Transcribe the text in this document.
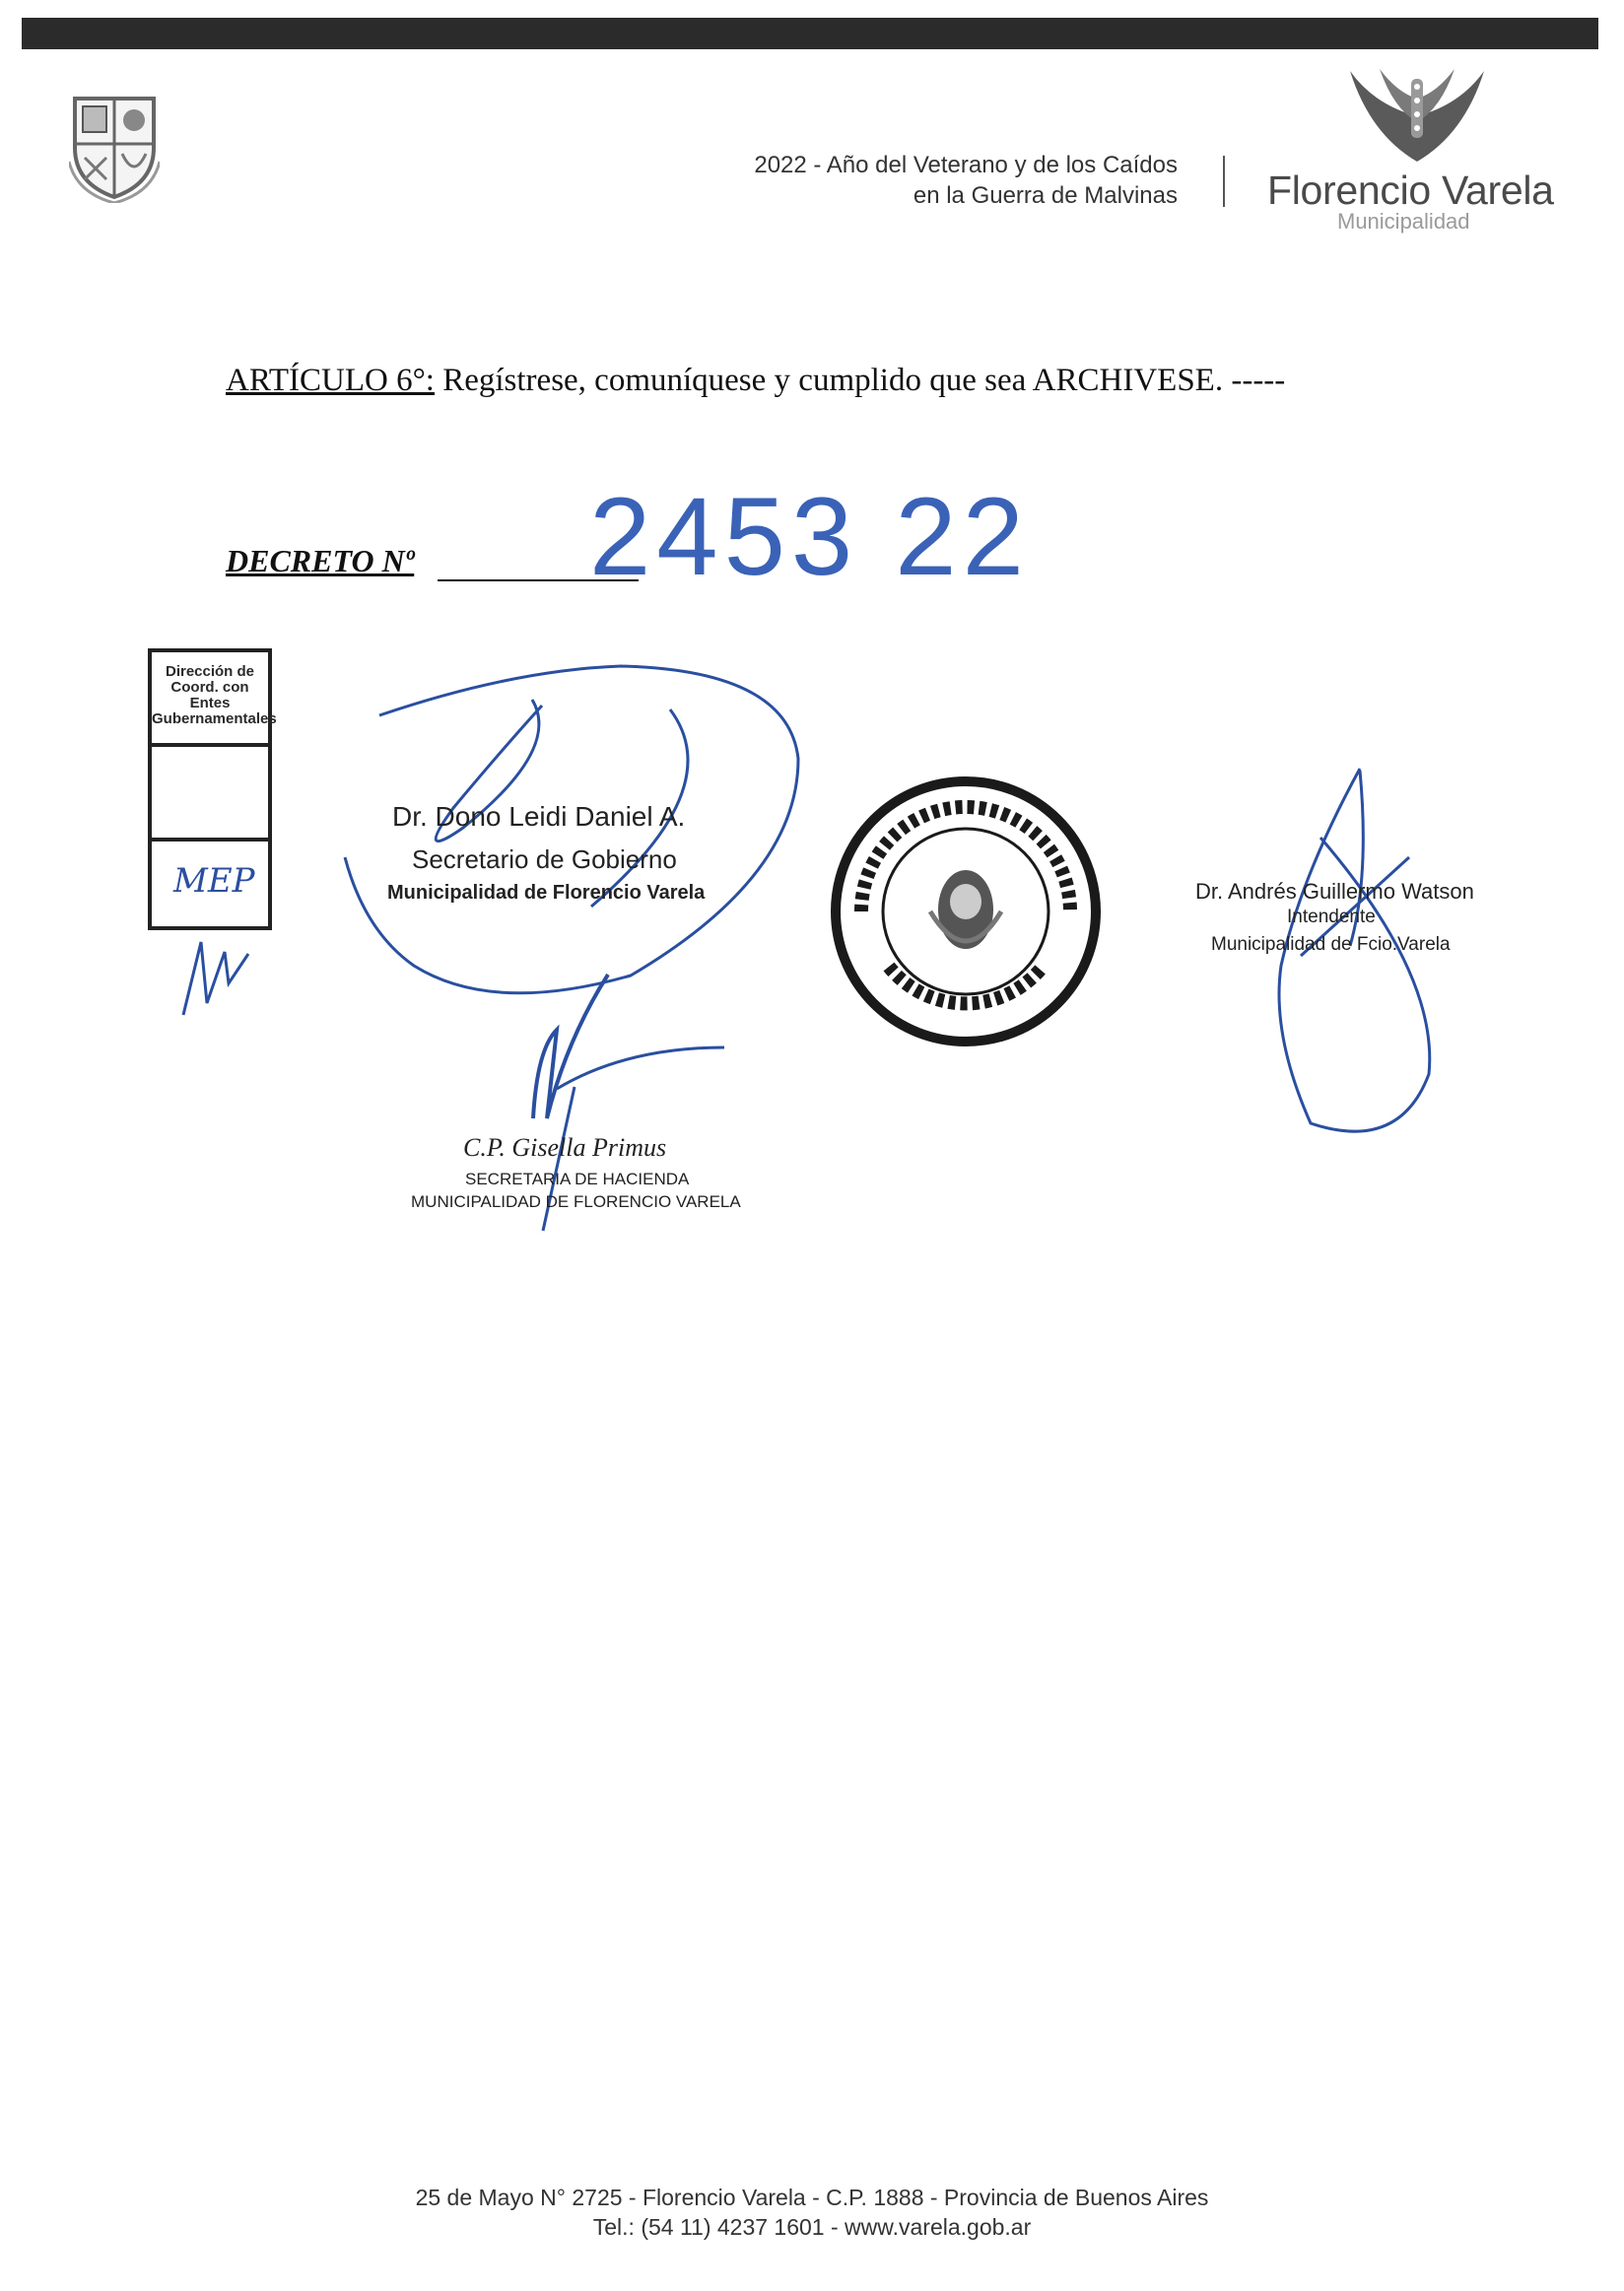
2022 - Año del Veterano y de los Caídos
en la Guerra de Malvinas Florencio Varela
Municipalidad
ARTÍCULO 6°: Regístrese, comuníquese y cumplido que sea ARCHIVESE. -----
DECRETO Nº 2453 22
Dirección de Coord. con Entes Gubernamentales
MEP
Dr. Dono Leidi Daniel A.
Secretario de Gobierno
Municipalidad de Florencio Varela
C.P. Gisella Primus
SECRETARIA DE HACIENDA
MUNICIPALIDAD DE FLORENCIO VARELA
Dr. Andrés Guillermo Watson
Intendente
Municipalidad de Fcio.Varela
25 de Mayo N° 2725 - Florencio Varela - C.P. 1888 - Provincia de Buenos Aires
Tel.: (54 11) 4237 1601 - www.varela.gob.ar
